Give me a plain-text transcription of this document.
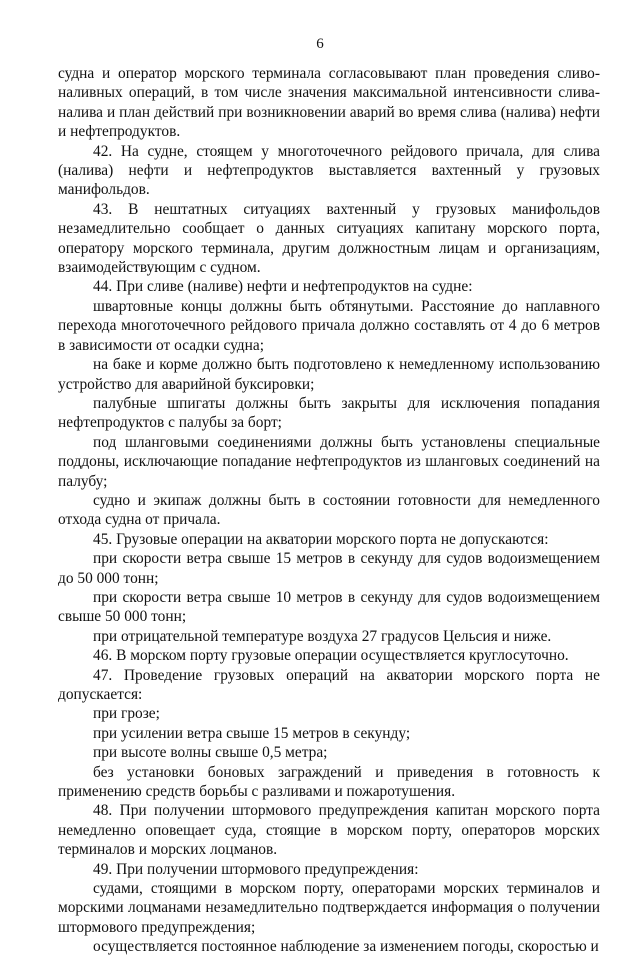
6

судна и оператор морского терминала согласовывают план проведения сливо-наливных операций, в том числе значения максимальной интенсивности слива-налива и план действий при возникновении аварий во время слива (налива) нефти и нефтепродуктов.

42. На судне, стоящем у многоточечного рейдового причала, для слива (налива) нефти и нефтепродуктов выставляется вахтенный у грузовых манифольдов.

43. В нештатных ситуациях вахтенный у грузовых манифольдов незамедлительно сообщает о данных ситуациях капитану морского порта, оператору морского терминала, другим должностным лицам и организациям, взаимодействующим с судном.

44. При сливе (наливе) нефти и нефтепродуктов на судне:

швартовные концы должны быть обтянутыми. Расстояние до наплавного перехода многоточечного рейдового причала должно составлять от 4 до 6 метров в зависимости от осадки судна;

на баке и корме должно быть подготовлено к немедленному использованию устройство для аварийной буксировки;

палубные шпигаты должны быть закрыты для исключения попадания нефтепродуктов с палубы за борт;

под шланговыми соединениями должны быть установлены специальные поддоны, исключающие попадание нефтепродуктов из шланговых соединений на палубу;

судно и экипаж должны быть в состоянии готовности для немедленного отхода судна от причала.

45. Грузовые операции на акватории морского порта не допускаются:

при скорости ветра свыше 15 метров в секунду для судов водоизмещением до 50 000 тонн;

при скорости ветра свыше 10 метров в секунду для судов водоизмещением свыше 50 000 тонн;

при отрицательной температуре воздуха 27 градусов Цельсия и ниже.

46. В морском порту грузовые операции осуществляется круглосуточно.

47. Проведение грузовых операций на акватории морского порта не допускается:

при грозе;

при усилении ветра свыше 15 метров в секунду;

при высоте волны свыше 0,5 метра;

без установки боновых заграждений и приведения в готовность к применению средств борьбы с разливами и пожаротушения.

48. При получении штормового предупреждения капитан морского порта немедленно оповещает суда, стоящие в морском порту, операторов морских терминалов и морских лоцманов.

49. При получении штормового предупреждения:

судами, стоящими в морском порту, операторами морских терминалов и морскими лоцманами незамедлительно подтверждается информация о получении штормового предупреждения;

осуществляется постоянное наблюдение за изменением погоды, скоростью и
